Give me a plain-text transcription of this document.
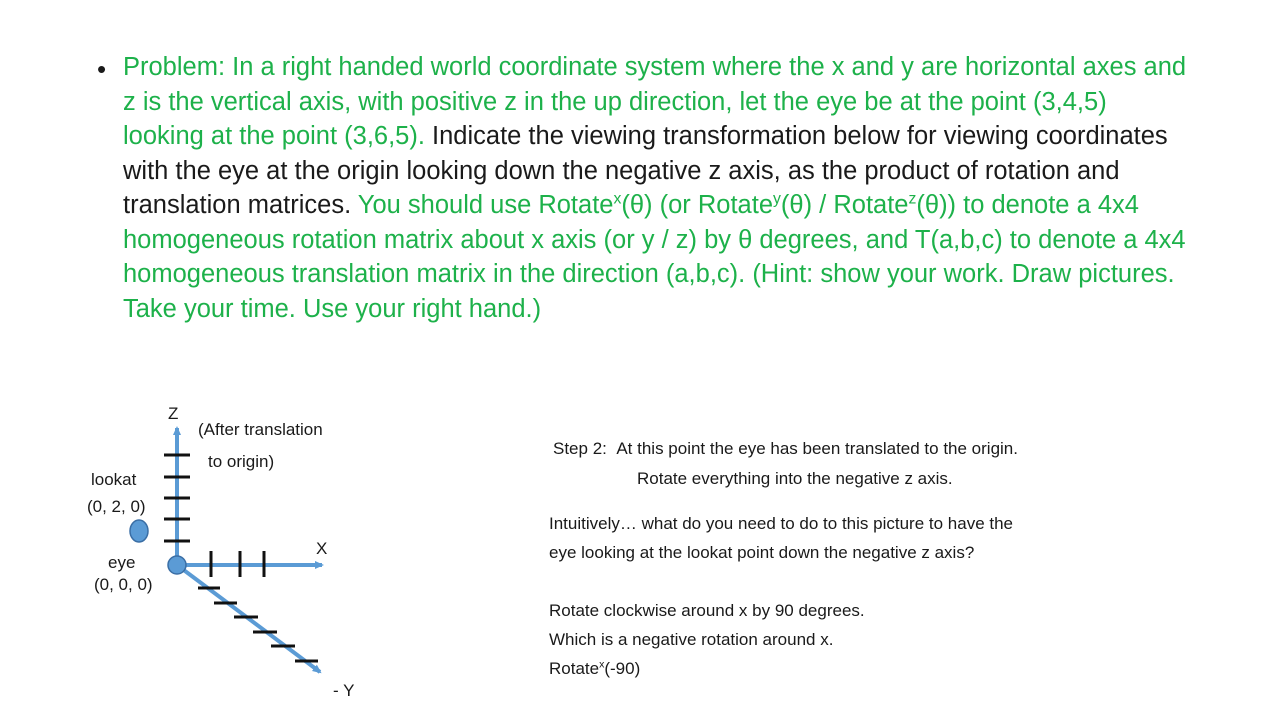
• Problem: In a right handed world coordinate system where the x and y are horizontal axes and z is the vertical axis, with positive z in the up direction, let the eye be at the point (3,4,5) looking at the point (3,6,5). Indicate the viewing transformation below for viewing coordinates with the eye at the origin looking down the negative z axis, as the product of rotation and translation matrices. You should use Rotate$^x$(θ) (or Rotate$^y$(θ) / Rotate$^z$(θ)) to denote a 4x4 homogeneous rotation matrix about x axis (or y / z) by θ degrees, and T(a,b,c) to denote a 4x4 homogeneous translation matrix in the direction (a,b,c). (Hint: show your work. Draw pictures. Take your time. Use your right hand.)

Z
(After translation
to origin)
lookat
(0, 2, 0)
X
eye
(0, 0, 0)
- Y
Step 2: At this point the eye has been translated to the origin.
Rotate everything into the negative z axis.

Intuitively… what do you need to do to this picture to have the

eye looking at the lookat point down the negative z axis?

Rotate clockwise around x by 90 degrees.

Which is a negative rotation around x.

Rotate$^x$(-90)
